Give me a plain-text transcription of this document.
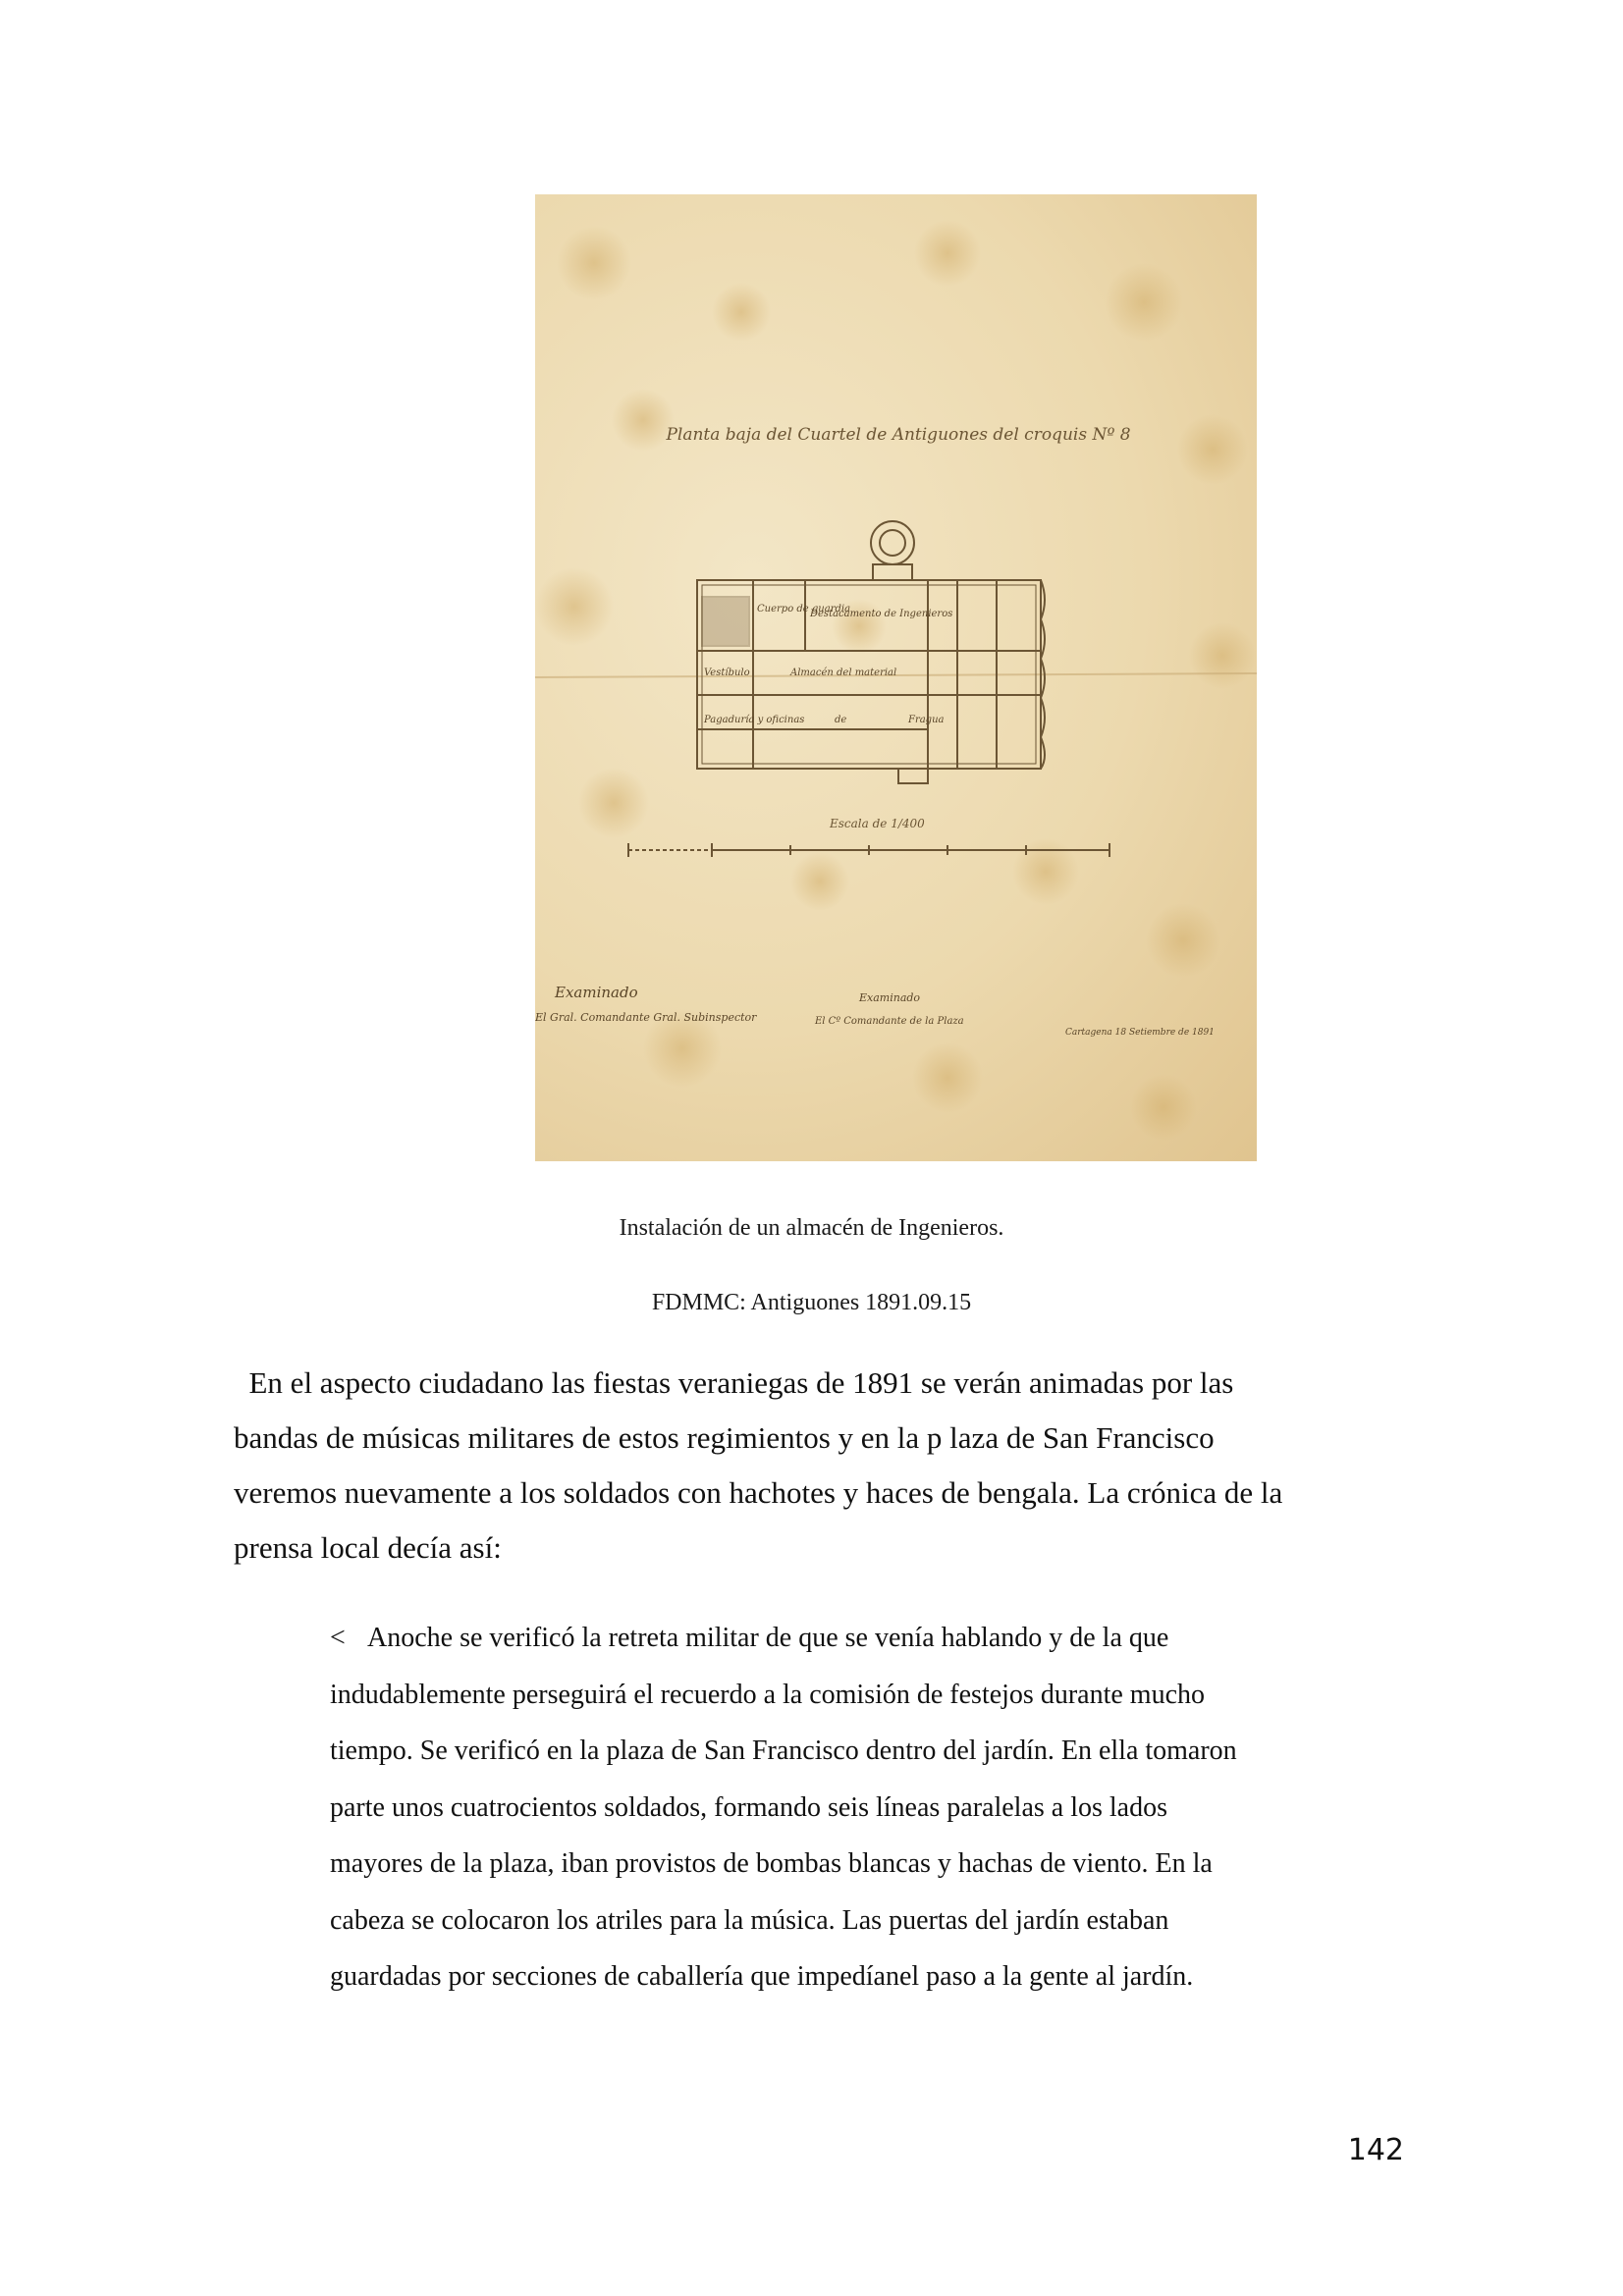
Planta baja del Cuartel de Antiguones del croquis Nº 8
Cuerpo de guardia
Destacamento de Ingenieros
Vestíbulo	Almacén del material
Pagaduría y oficinas	de	Fragua
Escala de 1/400
Examinado
El Gral. Comandante Gral. Subinspector
Examinado
El Cº Comandante de la Plaza
Cartagena 18 Setiembre de 1891
Instalación de un almacén de Ingenieros.
FDMMC: Antiguones 1891.09.15

En el aspecto ciudadano las fiestas veraniegas de 1891 se verán animadas por las
bandas de músicas militares de estos regimientos y en la p laza de San Francisco
veremos nuevamente a los soldados con hachotes y haces de bengala. La crónica de la
prensa local decía así:

< Anoche se verificó la retreta militar de que se venía hablando y de la que
indudablemente perseguirá el recuerdo a la comisión de festejos durante mucho
tiempo. Se verificó en la plaza de San Francisco dentro del jardín. En ella tomaron
parte unos cuatrocientos soldados, formando seis líneas paralelas a los lados
mayores de la plaza, iban provistos de bombas blancas y hachas de viento. En la
cabeza se colocaron los atriles para la música. Las puertas del jardín estaban
guardadas por secciones de caballería que impedíanel paso a la gente al jardín.
142
